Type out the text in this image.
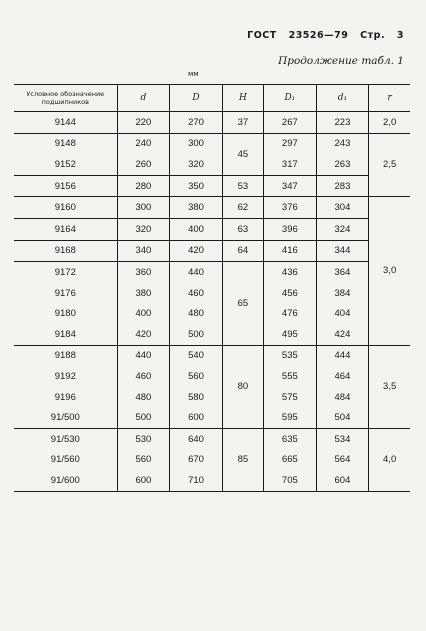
ГОСТ 23526—79 Стр. 3
Продолжение табл. 1
мм
Условное обозначение подшипников	d	D	H	D₁	d₁	r
9144	220	270	37	267	223	2,0
9148	240	300	45	297	243	2,5
9152	260	320		317	263	
9156	280	350	53	347	283	
9160	300	380	62	376	304	3,0
9164	320	400	63	396	324	
9168	340	420	64	416	344	
9172	360	440	65	436	364	
9176	380	460		456	384	
9180	400	480		476	404	
9184	420	500		495	424	
9188	440	540	80	535	444	3,5
9192	460	560		555	464	
9196	480	580		575	484	
91/500	500	600		595	504	
91/530	530	640	85	635	534	4,0
91/560	560	670		665	564	
91/600	600	710		705	604	
